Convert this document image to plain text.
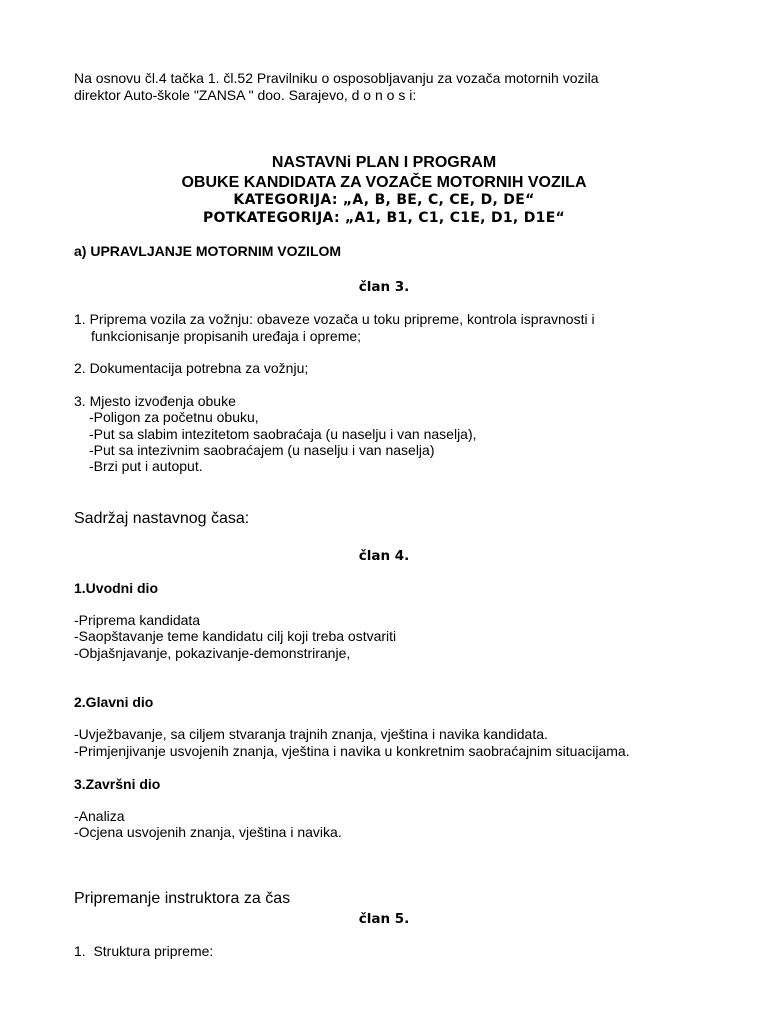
Na osnovu čl.4 tačka 1. čl.52 Pravilniku o osposobljavanju za vozača motornih vozila
direktor Auto-škole "ZANSA " doo. Sarajevo, d o n o s i:
NASTAVNi PLAN I PROGRAM
OBUKE KANDIDATA ZA VOZAČE MOTORNIH VOZILA
KATEGORIJA: „A, B, BE, C, CE, D, DE“
POTKATEGORIJA: „A1, B1, C1, C1E, D1, D1E“
a) UPRAVLJANJE MOTORNIM VOZILOM
član 3.
1. Priprema vozila za vožnju: obaveze vozača u toku pripreme, kontrola ispravnosti i
funkcionisanje propisanih uređaja i opreme;
2. Dokumentacija potrebna za vožnju;
3. Mjesto izvođenja obuke
-Poligon za početnu obuku,
-Put sa slabim intezitetom saobraćaja (u naselju i van naselja),
-Put sa intezivnim saobraćajem (u naselju i van naselja)
-Brzi put i autoput.
Sadržaj nastavnog časa:
član 4.
1.Uvodni dio
-Priprema kandidata
-Saopštavanje teme kandidatu cilj koji treba ostvariti
-Objašnjavanje, pokazivanje-demonstriranje,
2.Glavni dio
-Uvježbavanje, sa ciljem stvaranja trajnih znanja, vještina i navika kandidata.
-Primjenjivanje usvojenih znanja, vještina i navika u konkretnim saobraćajnim situacijama.
3.Završni dio
-Analiza
-Ocjena usvojenih znanja, vještina i navika.
Pripremanje instruktora za čas
član 5.
1.  Struktura pripreme:
